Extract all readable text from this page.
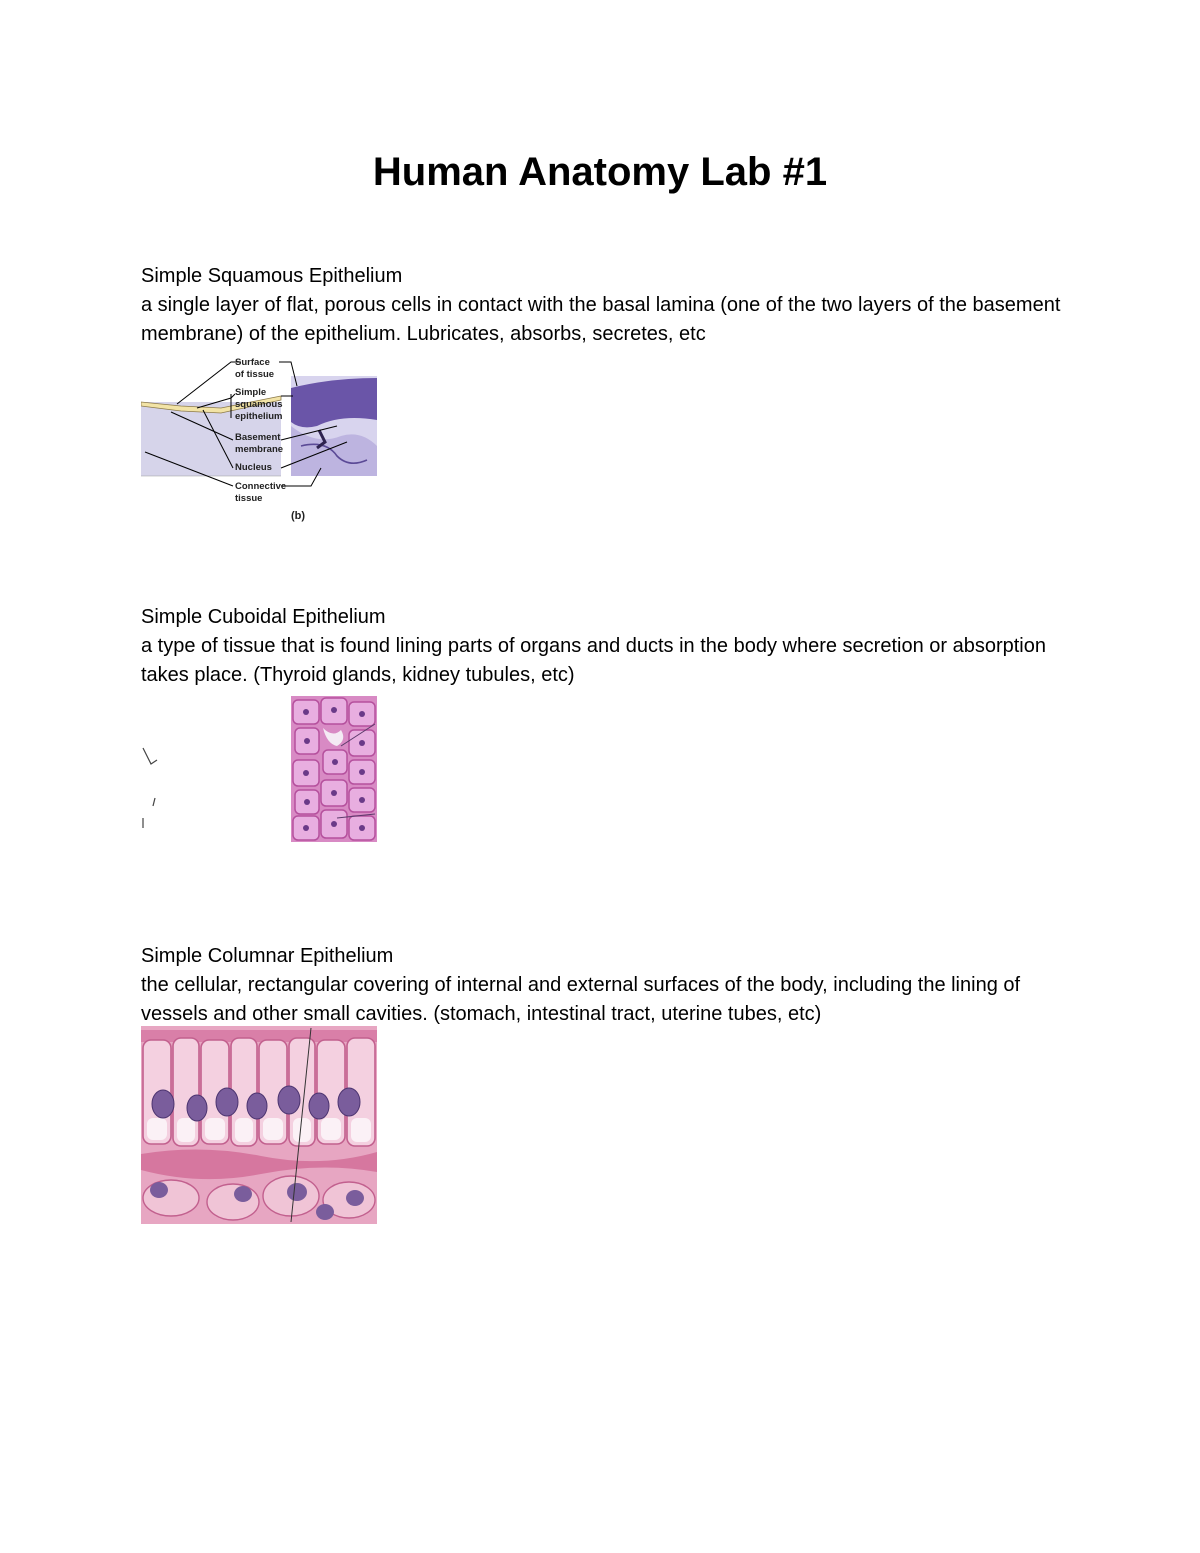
Human Anatomy Lab #1

Simple Squamous Epithelium

a single layer of flat, porous cells in contact with the basal lamina (one of the two layers of the basement membrane) of the epithelium. Lubricates, absorbs, secretes, etc

Surface
of tissue
Simple
squamous
epithelium
Basement
membrane
Nucleus
Connective
tissue
(b)

Simple Cuboidal Epithelium

a type of tissue that is found lining parts of organs and ducts in the body where secretion or absorption takes place. (Thyroid glands, kidney tubules, etc)

Simple Columnar Epithelium

the cellular, rectangular covering of internal and external surfaces of the body, including the lining of vessels and other small cavities. (stomach, intestinal tract, uterine tubes, etc)
